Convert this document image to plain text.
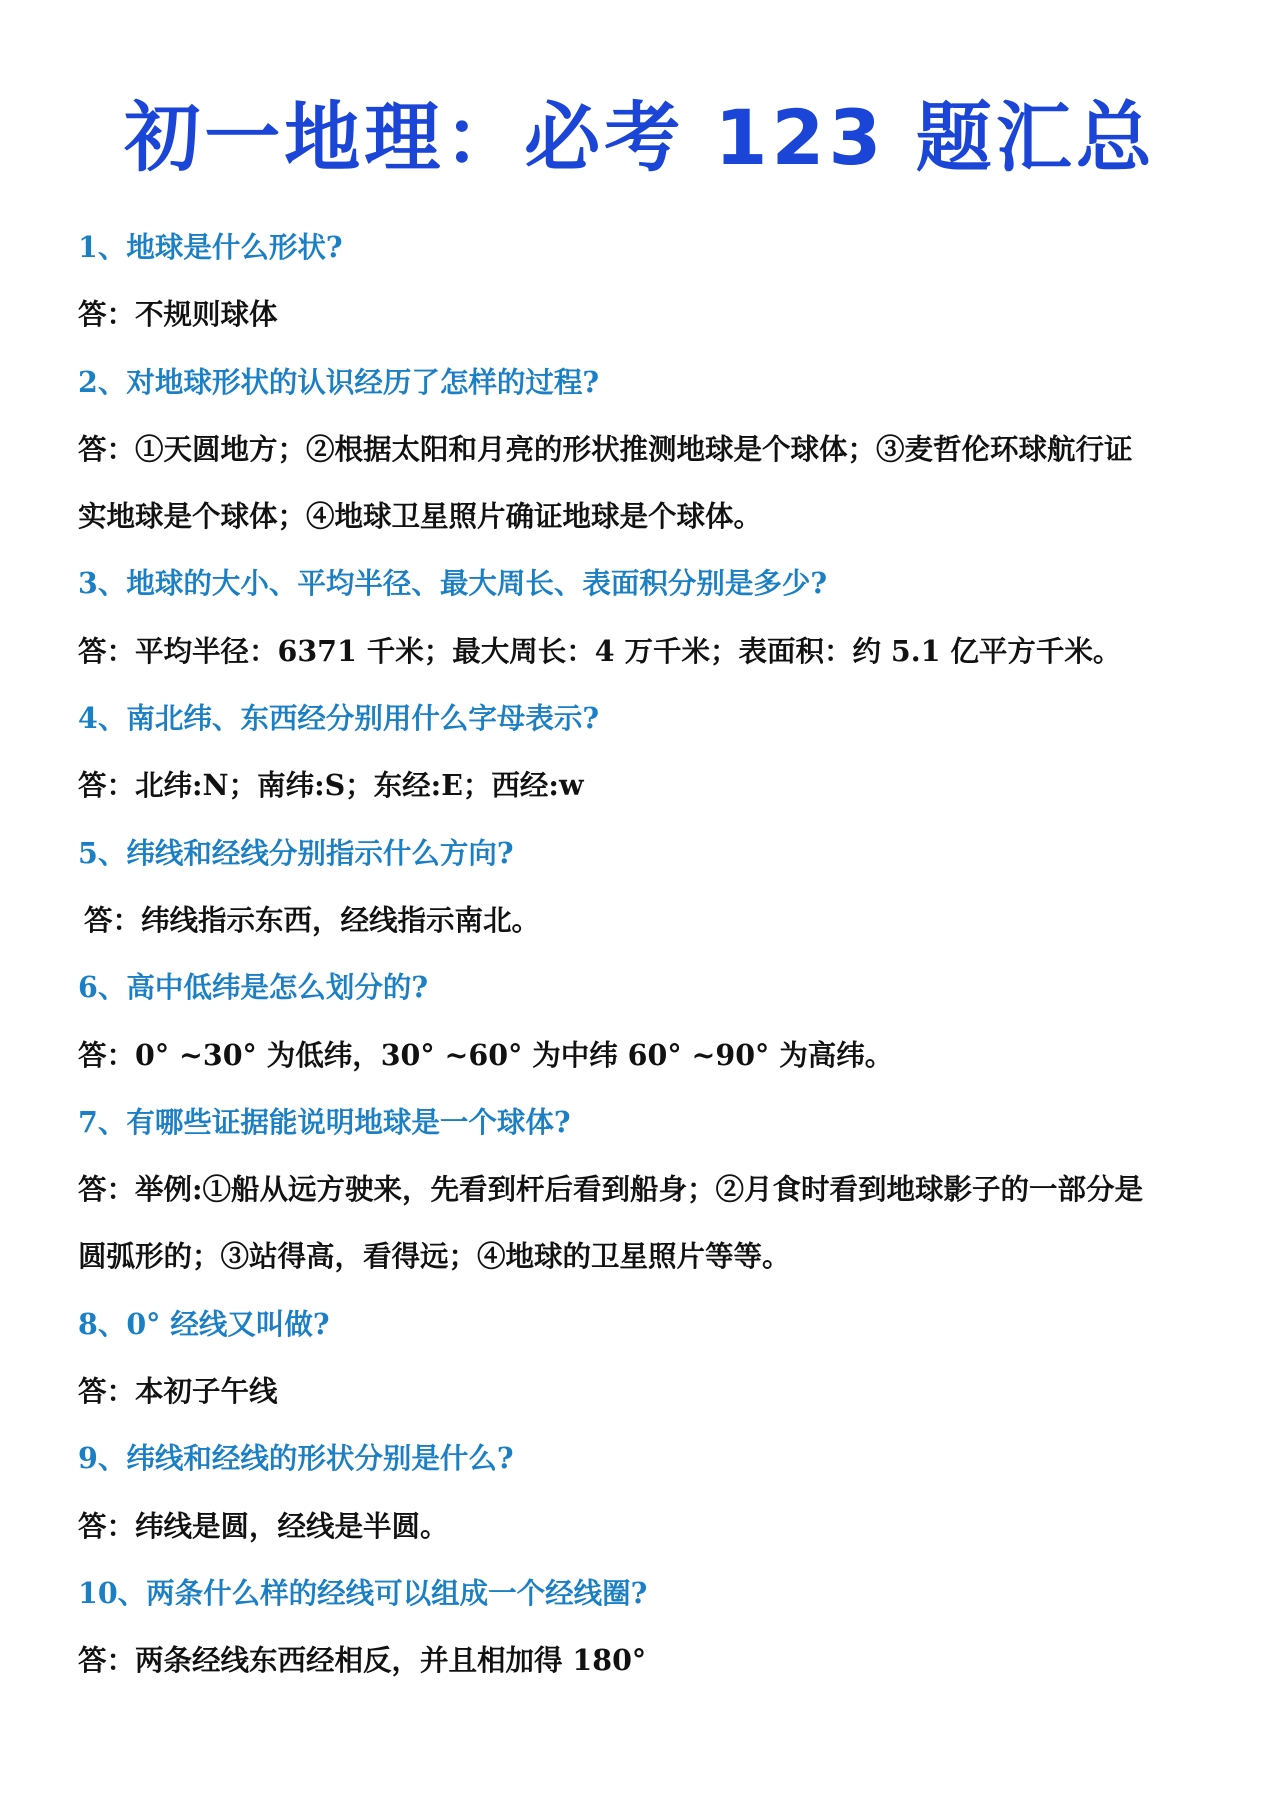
初一地理：必考 123 题汇总
1、地球是什么形状?
答：不规则球体
2、对地球形状的认识经历了怎样的过程?
答：①天圆地方；②根据太阳和月亮的形状推测地球是个球体；③麦哲伦环球航行证
实地球是个球体；④地球卫星照片确证地球是个球体。
3、地球的大小、平均半径、最大周长、表面积分别是多少?
答：平均半径：6371 千米；最大周长：4 万千米；表面积：约 5.1 亿平方千米。
4、南北纬、东西经分别用什么字母表示?
答：北纬:N；南纬:S；东经:E；西经:w
5、纬线和经线分别指示什么方向?
答：纬线指示东西，经线指示南北。
6、高中低纬是怎么划分的?
答：0° ~30° 为低纬，30° ~60° 为中纬 60° ~90° 为高纬。
7、有哪些证据能说明地球是一个球体?
答：举例:①船从远方驶来，先看到杆后看到船身；②月食时看到地球影子的一部分是
圆弧形的；③站得高，看得远；④地球的卫星照片等等。
8、0° 经线又叫做?
答：本初子午线
9、纬线和经线的形状分别是什么?
答：纬线是圆，经线是半圆。
10、两条什么样的经线可以组成一个经线圈?
答：两条经线东西经相反，并且相加得 180°
